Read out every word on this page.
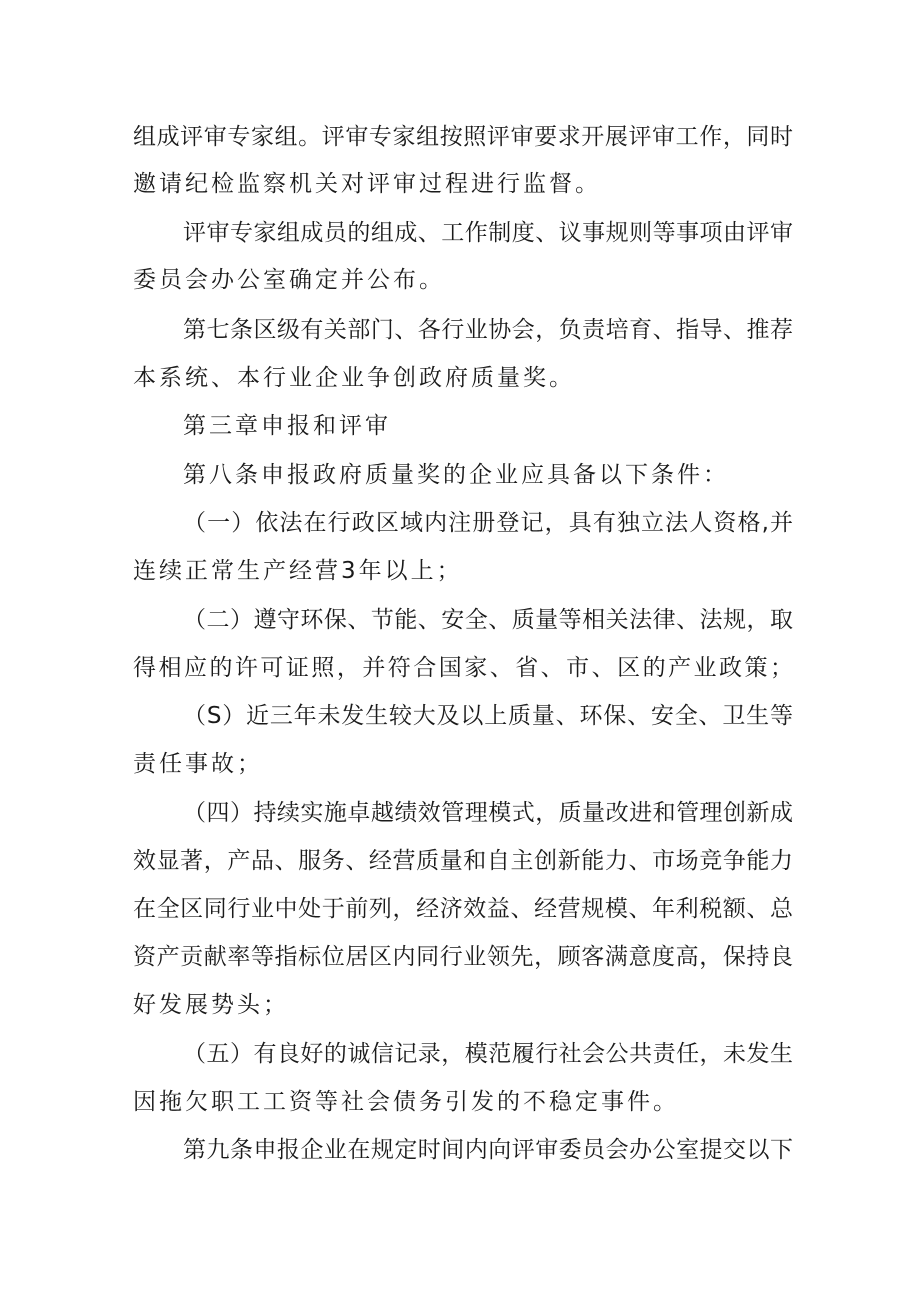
组成评审专家组。评审专家组按照评审要求开展评审工作，同时
邀请纪检监察机关对评审过程进行监督。
评审专家组成员的组成、工作制度、议事规则等事项由评审
委员会办公室确定并公布。
第七条区级有关部门、各行业协会，负责培育、指导、推荐
本系统、本行业企业争创政府质量奖。
第三章申报和评审
第八条申报政府质量奖的企业应具备以下条件：
（一）依法在行政区域内注册登记，具有独立法人资格,并
连续正常生产经营3年以上；
（二）遵守环保、节能、安全、质量等相关法律、法规，取
得相应的许可证照，并符合国家、省、市、区的产业政策；
（S）近三年未发生较大及以上质量、环保、安全、卫生等
责任事故；
（四）持续实施卓越绩效管理模式，质量改进和管理创新成
效显著，产品、服务、经营质量和自主创新能力、市场竞争能力
在全区同行业中处于前列，经济效益、经营规模、年利税额、总
资产贡献率等指标位居区内同行业领先，顾客满意度高，保持良
好发展势头；
（五）有良好的诚信记录，模范履行社会公共责任，未发生
因拖欠职工工资等社会债务引发的不稳定事件。
第九条申报企业在规定时间内向评审委员会办公室提交以下
